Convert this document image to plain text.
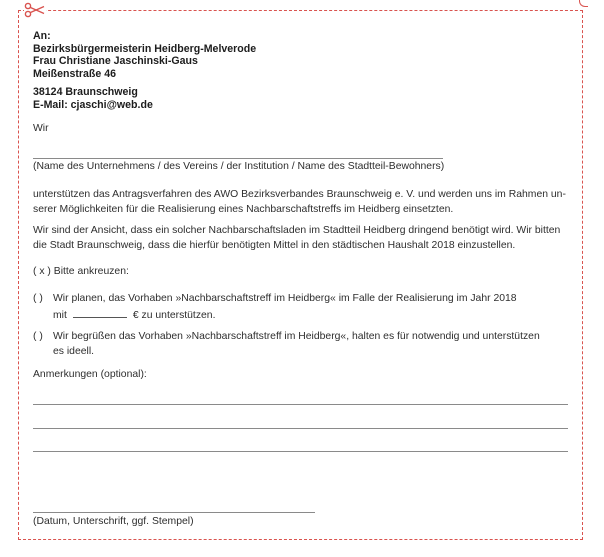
An:
Bezirksbürgermeisterin Heidberg-Melverode
Frau Christiane Jaschinski-Gaus
Meißenstraße 46
38124 Braunschweig
E-Mail: cjaschi@web.de
Wir
(Name des Unternehmens / des Vereins / der Institution / Name des Stadtteil-Bewohners)
unterstützen das Antragsverfahren des AWO Bezirksverbandes Braunschweig e. V. und werden uns im Rahmen un-
serer Möglichkeiten für die Realisierung eines Nachbarschaftstreffs im Heidberg einsetzten.
Wir sind der Ansicht, dass ein solcher Nachbarschaftsladen im Stadtteil Heidberg dringend benötigt wird. Wir bitten
die Stadt Braunschweig, dass die hierfür benötigten Mittel in den städtischen Haushalt 2018 einzustellen.
( x ) Bitte ankreuzen:
( ) Wir planen, das Vorhaben »Nachbarschaftstreff im Heidberg« im Falle der Realisierung im Jahr 2018
mit	€ zu unterstützen.
( ) Wir begrüßen das Vorhaben »Nachbarschaftstreff im Heidberg«, halten es für notwendig und unterstützen
es ideell.
Anmerkungen (optional):
(Datum, Unterschrift, ggf. Stempel)
